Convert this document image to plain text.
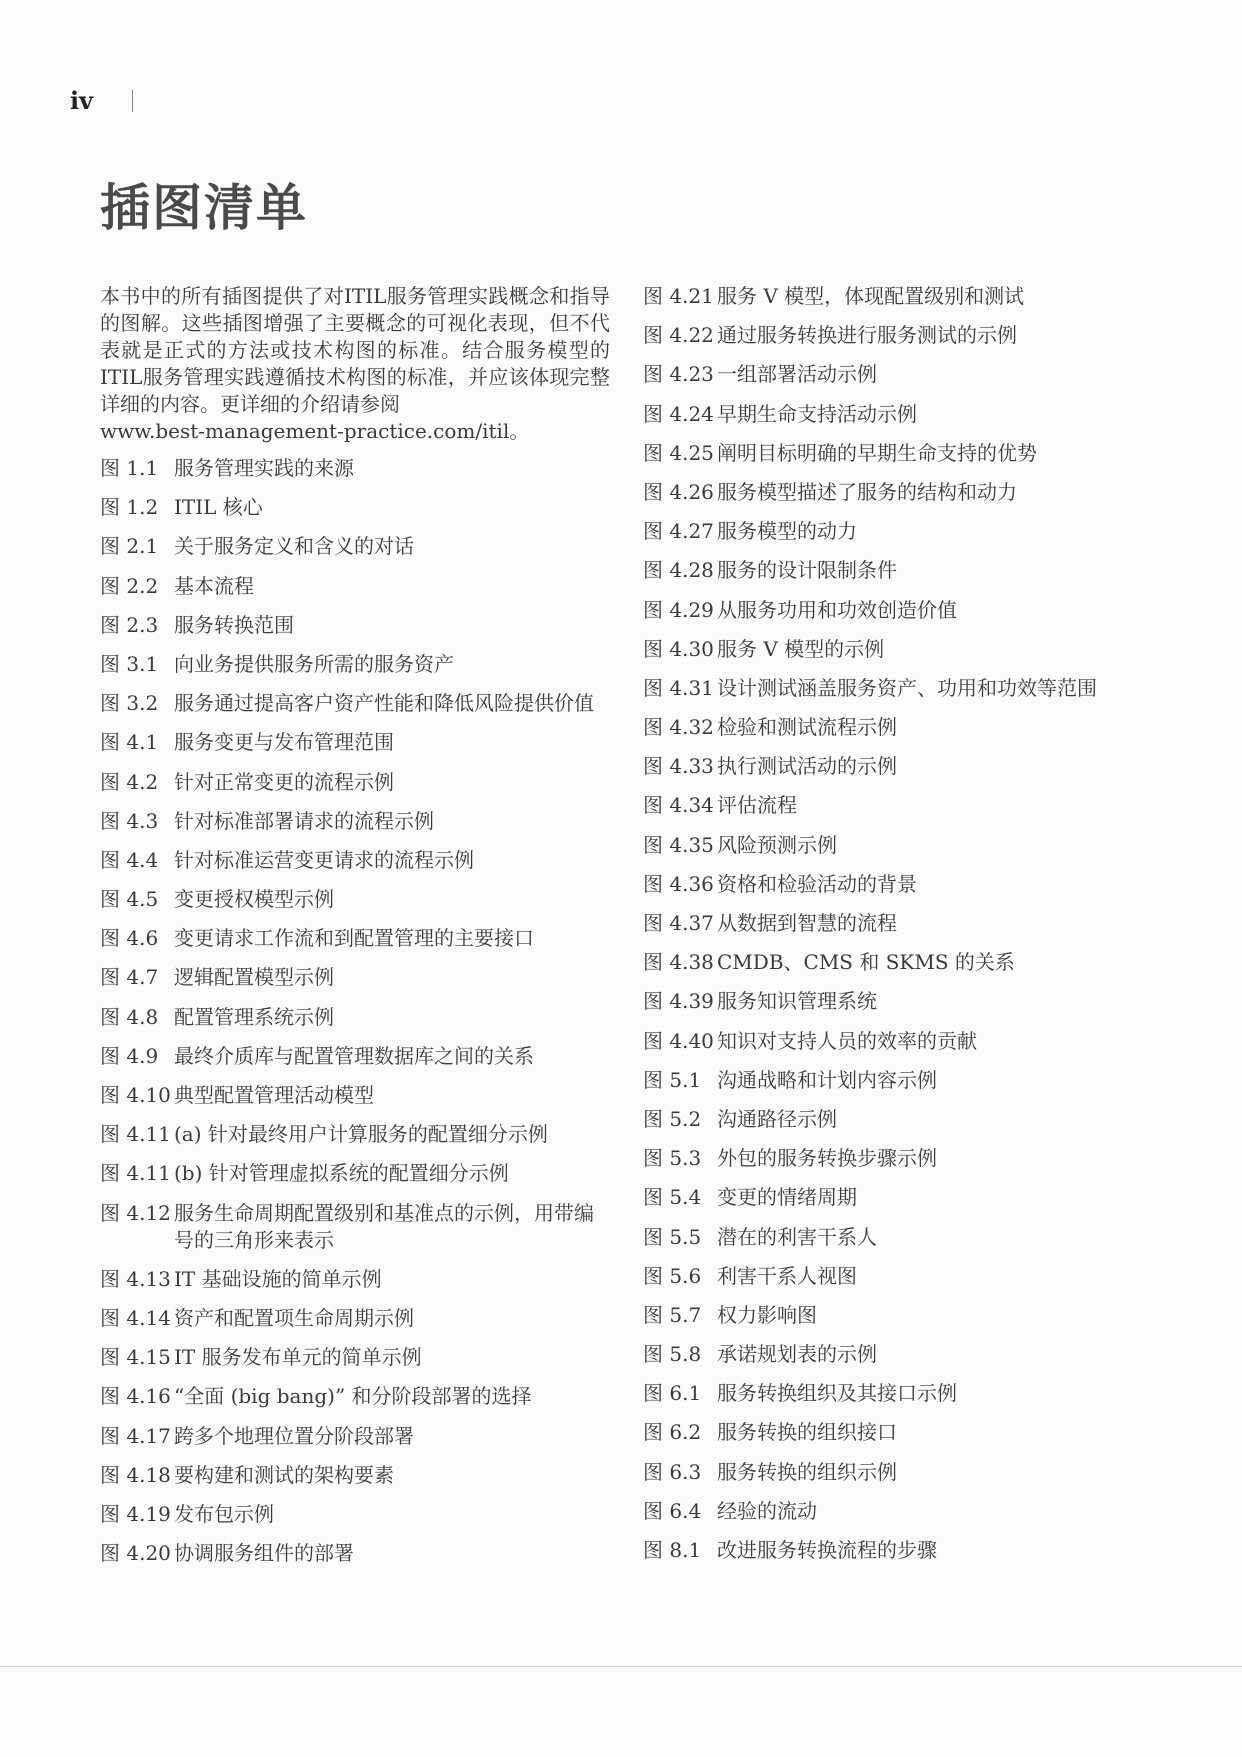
iv
插图清单

本书中的所有插图提供了对ITIL服务管理实践概念和指导的图解。这些插图增强了主要概念的可视化表现，但不代表就是正式的方法或技术构图的标准。结合服务模型的ITIL服务管理实践遵循技术构图的标准，并应该体现完整详细的内容。更详细的介绍请参阅
www.best-management-practice.com/itil。

图 1.1 服务管理实践的来源
图 1.2 ITIL 核心
图 2.1 关于服务定义和含义的对话
图 2.2 基本流程
图 2.3 服务转换范围
图 3.1 向业务提供服务所需的服务资产
图 3.2 服务通过提高客户资产性能和降低风险提供价值
图 4.1 服务变更与发布管理范围
图 4.2 针对正常变更的流程示例
图 4.3 针对标准部署请求的流程示例
图 4.4 针对标准运营变更请求的流程示例
图 4.5 变更授权模型示例
图 4.6 变更请求工作流和到配置管理的主要接口
图 4.7 逻辑配置模型示例
图 4.8 配置管理系统示例
图 4.9 最终介质库与配置管理数据库之间的关系
图 4.10 典型配置管理活动模型
图 4.11 (a) 针对最终用户计算服务的配置细分示例
图 4.11 (b) 针对管理虚拟系统的配置细分示例
图 4.12 服务生命周期配置级别和基准点的示例，用带编号的三角形来表示
图 4.13 IT 基础设施的简单示例
图 4.14 资产和配置项生命周期示例
图 4.15 IT 服务发布单元的简单示例
图 4.16 “全面 (big bang)” 和分阶段部署的选择
图 4.17 跨多个地理位置分阶段部署
图 4.18 要构建和测试的架构要素
图 4.19 发布包示例
图 4.20 协调服务组件的部署
图 4.21 服务 V 模型，体现配置级别和测试
图 4.22 通过服务转换进行服务测试的示例
图 4.23 一组部署活动示例
图 4.24 早期生命支持活动示例
图 4.25 阐明目标明确的早期生命支持的优势
图 4.26 服务模型描述了服务的结构和动力
图 4.27 服务模型的动力
图 4.28 服务的设计限制条件
图 4.29 从服务功用和功效创造价值
图 4.30 服务 V 模型的示例
图 4.31 设计测试涵盖服务资产、功用和功效等范围
图 4.32 检验和测试流程示例
图 4.33 执行测试活动的示例
图 4.34 评估流程
图 4.35 风险预测示例
图 4.36 资格和检验活动的背景
图 4.37 从数据到智慧的流程
图 4.38 CMDB、CMS 和 SKMS 的关系
图 4.39 服务知识管理系统
图 4.40 知识对支持人员的效率的贡献
图 5.1 沟通战略和计划内容示例
图 5.2 沟通路径示例
图 5.3 外包的服务转换步骤示例
图 5.4 变更的情绪周期
图 5.5 潜在的利害干系人
图 5.6 利害干系人视图
图 5.7 权力影响图
图 5.8 承诺规划表的示例
图 6.1 服务转换组织及其接口示例
图 6.2 服务转换的组织接口
图 6.3 服务转换的组织示例
图 6.4 经验的流动
图 8.1 改进服务转换流程的步骤
